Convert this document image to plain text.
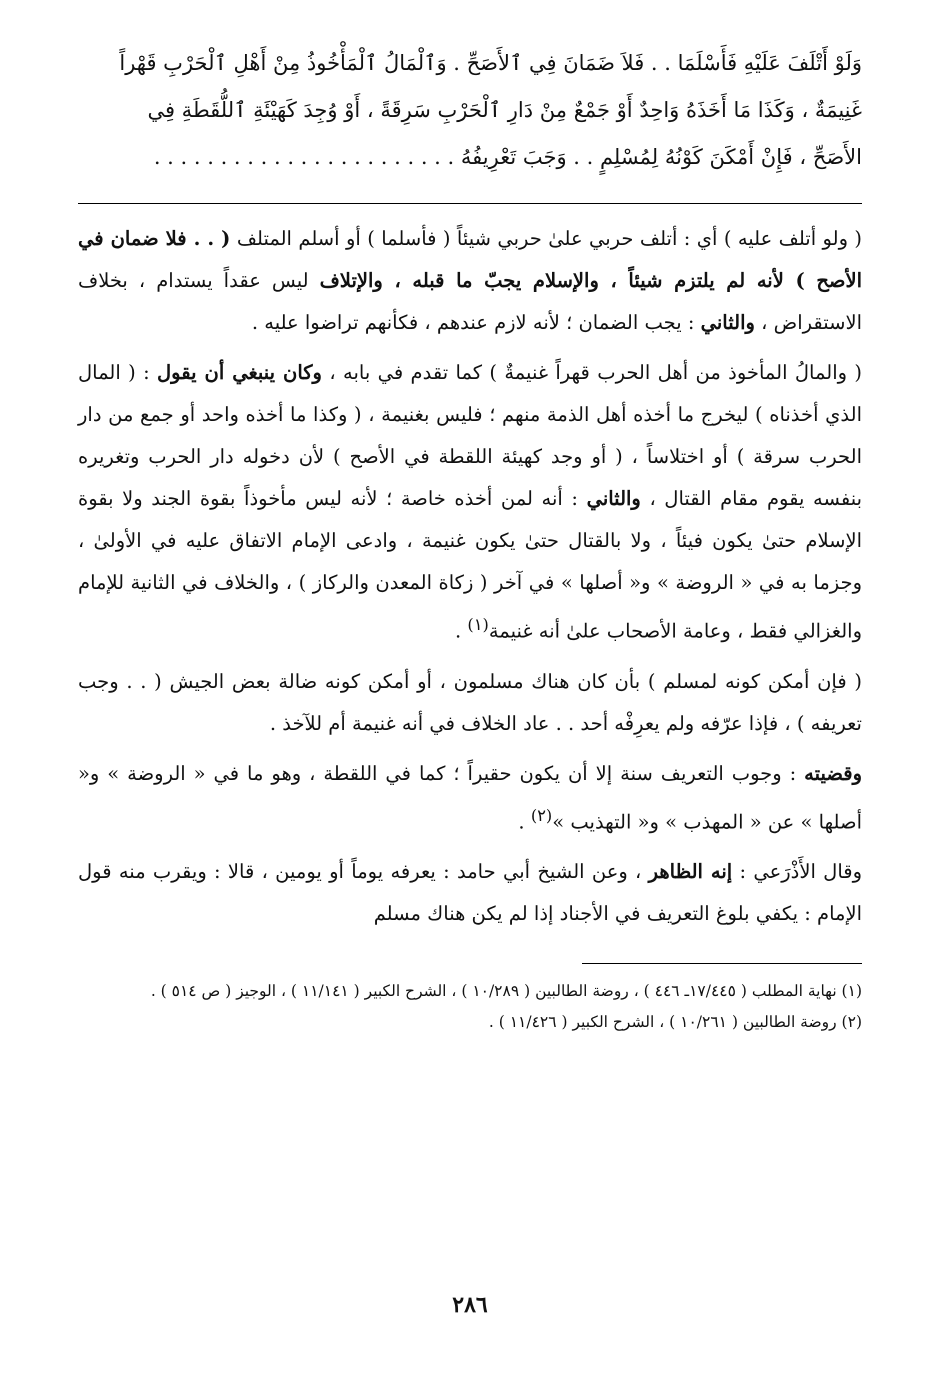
وَلَوْ أَتْلَفَ عَلَيْهِ فَأَسْلَمَا . . فَلاَ ضَمَانَ فِي ٱلأَصَحِّ . وَٱلْمَالُ ٱلْمَأْخُوذُ مِنْ أَهْلِ ٱلْحَرْبِ قَهْراً
غَنِيمَةٌ ، وَكَذَا مَا أَخَذَهُ وَاحِدٌ أَوْ جَمْعٌ مِنْ دَارِ ٱلْحَرْبِ سَرِقَةً ، أَوْ وُجِدَ كَهَيْئَةِ ٱللُّقَطَةِ فِي
الأَصَحِّ ، فَإِنْ أَمْكَنَ كَوْنُهُ لِمُسْلِمٍ . . وَجَبَ تَعْرِيفُهُ . . . . . . . . . . . . . . . . . . . . . . .

( ولو أتلف عليه ) أي : أتلف حربي علىٰ حربي شيئاً ( فأسلما ) أو أسلم المتلف ( . . فلا ضمان في الأصح ) لأنه لم يلتزم شيئاً ، والإسلام يجبّ ما قبله ، والإتلاف ليس عقداً يستدام ، بخلاف الاستقراض ، والثاني : يجب الضمان ؛ لأنه لازم عندهم ، فكأنهم تراضوا عليه .

( والمالُ المأخوذ من أهل الحرب قهراً غنيمةٌ ) كما تقدم في بابه ، وكان ينبغي أن يقول : ( المال الذي أخذناه ) ليخرج ما أخذه أهل الذمة منهم ؛ فليس بغنيمة ، ( وكذا ما أخذه واحد أو جمع من دار الحرب سرقة ) أو اختلاساً ، ( أو وجد كهيئة اللقطة في الأصح ) لأن دخوله دار الحرب وتغريره بنفسه يقوم مقام القتال ، والثاني : أنه لمن أخذه خاصة ؛ لأنه ليس مأخوذاً بقوة الجند ولا بقوة الإسلام حتىٰ يكون فيئاً ، ولا بالقتال حتىٰ يكون غنيمة ، وادعى الإمام الاتفاق عليه في الأولىٰ ، وجزما به في « الروضة » و« أصلها » في آخر ( زكاة المعدن والركاز ) ، والخلاف في الثانية للإمام والغزالي فقط ، وعامة الأصحاب علىٰ أنه غنيمة$^{(١)}$ .

( فإن أمكن كونه لمسلم ) بأن كان هناك مسلمون ، أو أمكن كونه ضالة بعض الجيش ( . . وجب تعريفه ) ، فإذا عرّفه ولم يعرِفْه أحد . . عاد الخلاف في أنه غنيمة أم للآخذ .

وقضيته : وجوب التعريف سنة إلا أن يكون حقيراً ؛ كما في اللقطة ، وهو ما في « الروضة » و« أصلها » عن « المهذب » و« التهذيب »$^{(٢)}$ .

وقال الأَذْرَعي : إنه الظاهر ، وعن الشيخ أبي حامد : يعرفه يوماً أو يومين ، قالا : ويقرب منه قول الإمام : يكفي بلوغ التعريف في الأجناد إذا لم يكن هناك مسلم

(١) نهاية المطلب ( ١٧/٤٤٥ـ ٤٤٦ ) ، روضة الطالبين ( ١٠/٢٨٩ ) ، الشرح الكبير ( ١١/١٤١ ) ، الوجيز ( ص ٥١٤ ) .
(٢) روضة الطالبين ( ١٠/٢٦١ ) ، الشرح الكبير ( ١١/٤٢٦ ) .
٢٨٦
